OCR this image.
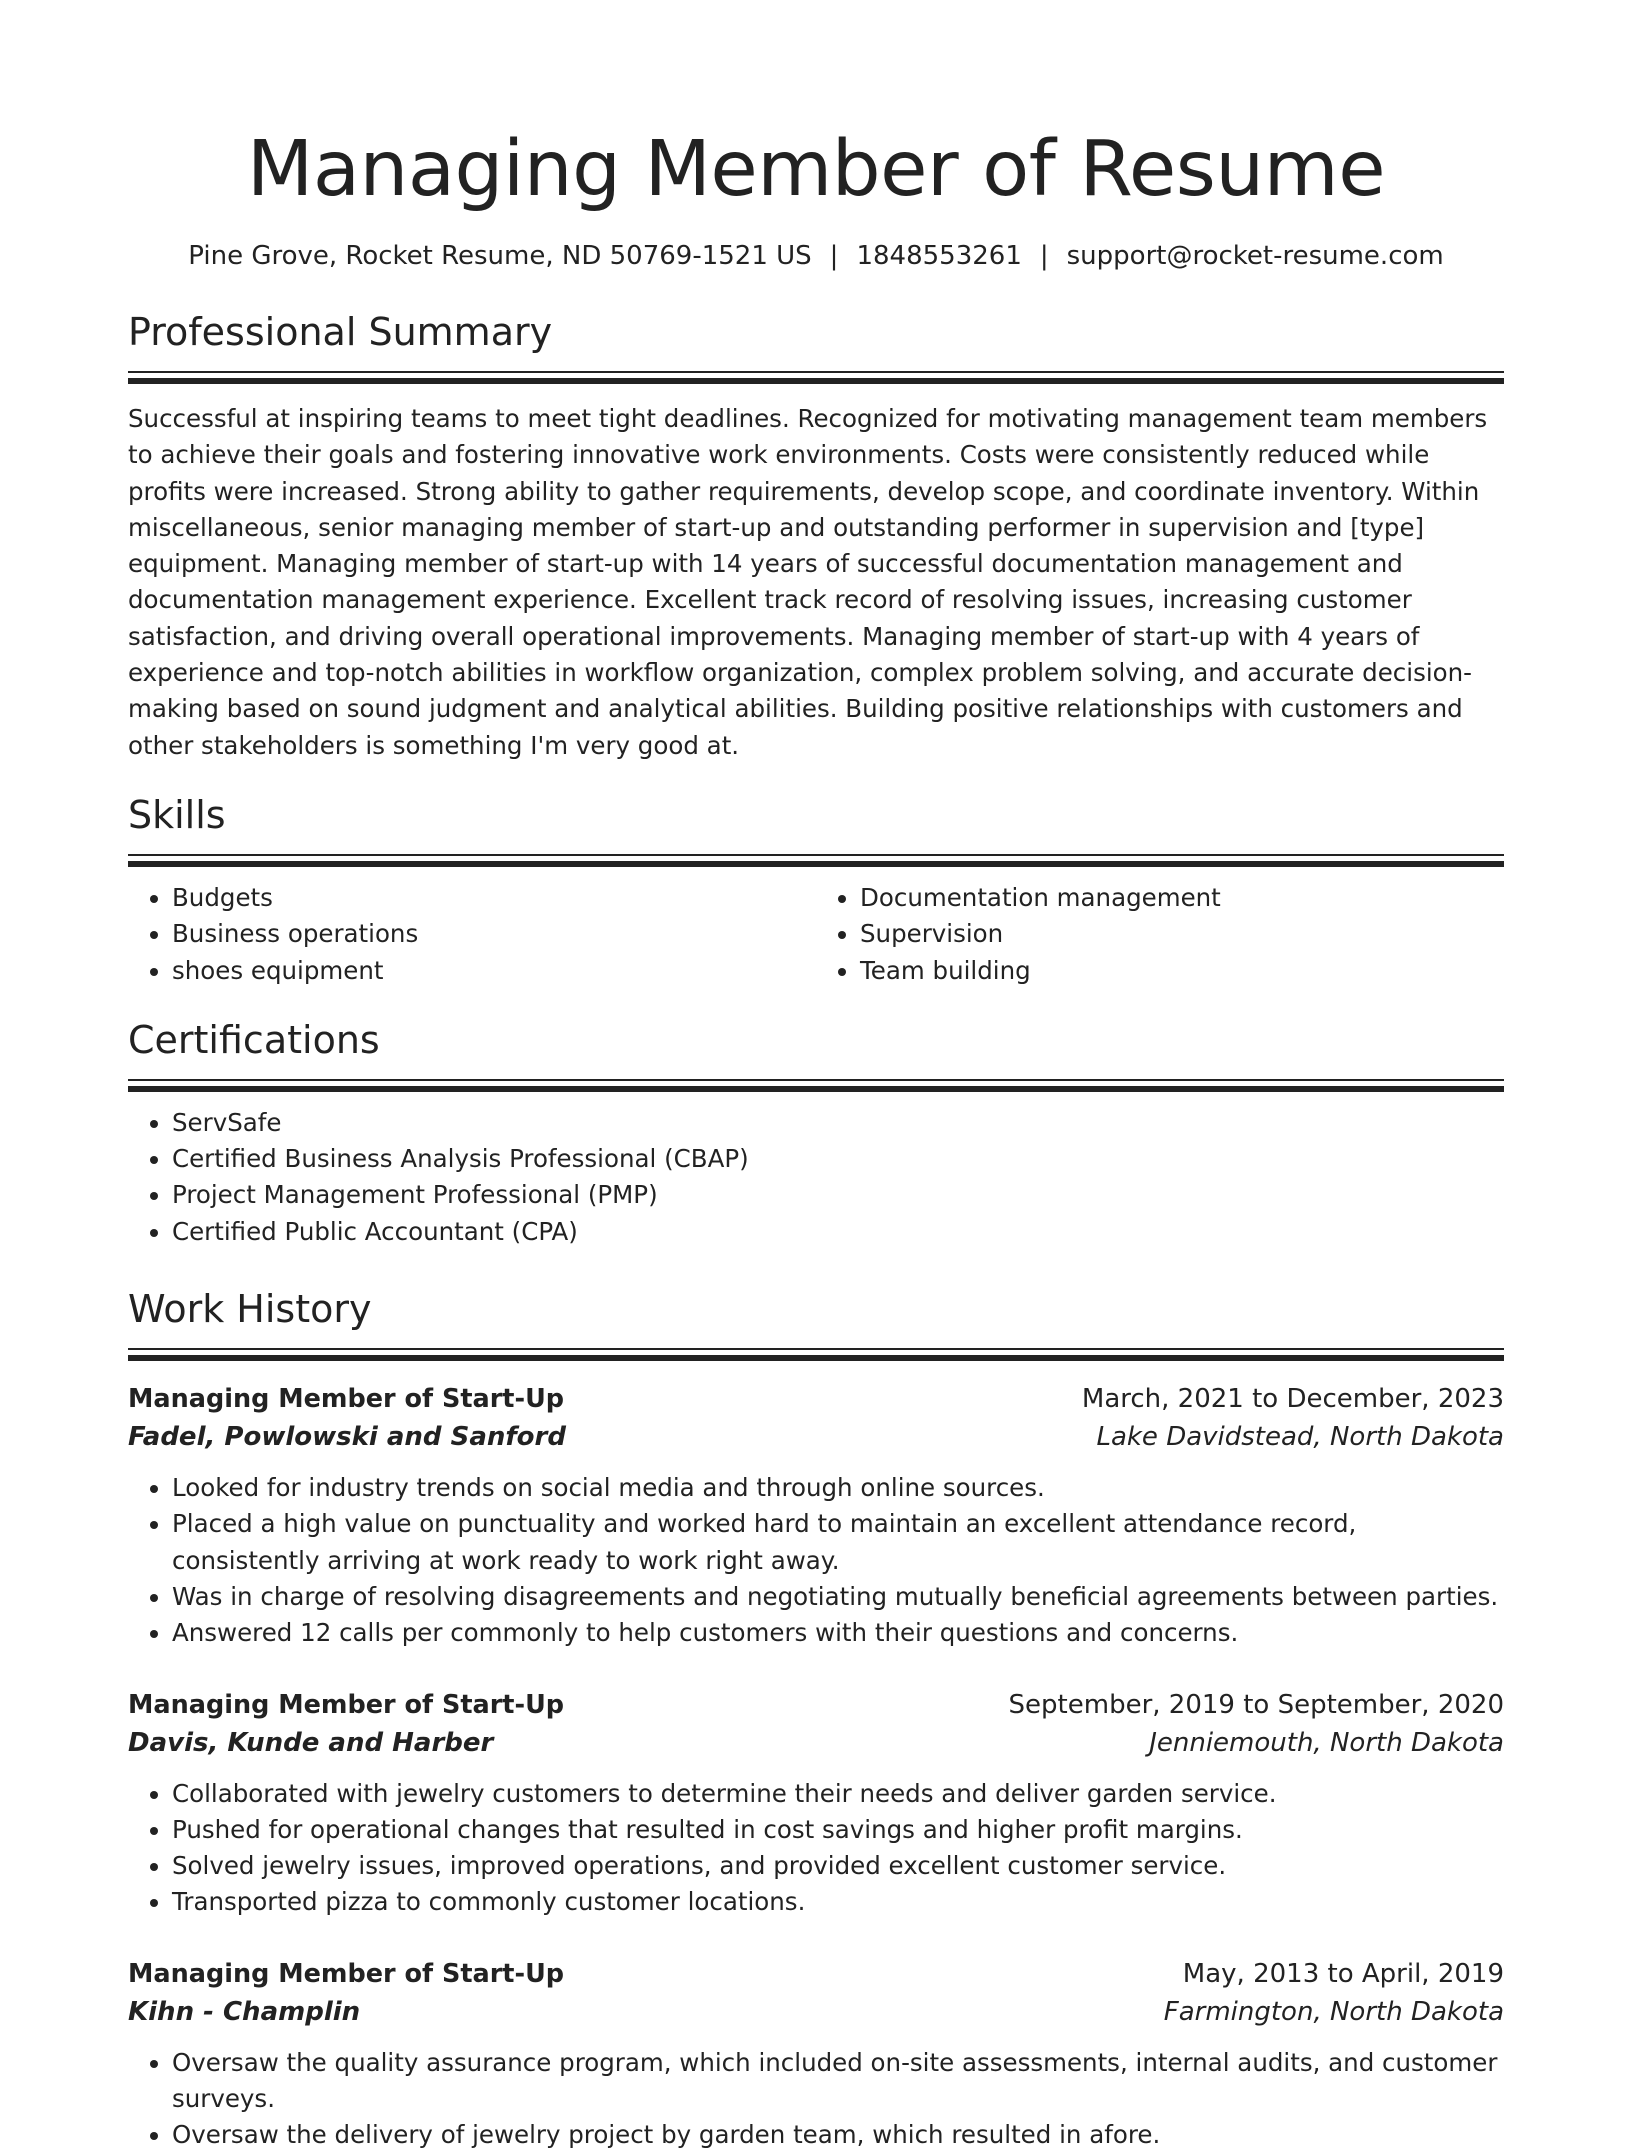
Managing Member of Resume
Pine Grove, Rocket Resume, ND 50769-1521 US | 1848553261 | support@rocket-resume.com
Professional Summary
Successful at inspiring teams to meet tight deadlines. Recognized for motivating management team members to achieve their goals and fostering innovative work environments. Costs were consistently reduced while profits were increased. Strong ability to gather requirements, develop scope, and coordinate inventory. Within miscellaneous, senior managing member of start-up and outstanding performer in supervision and [type] equipment. Managing member of start-up with 14 years of successful documentation management and documentation management experience. Excellent track record of resolving issues, increasing customer satisfaction, and driving overall operational improvements. Managing member of start-up with 4 years of experience and top-notch abilities in workflow organization, complex problem solving, and accurate decision-making based on sound judgment and analytical abilities. Building positive relationships with customers and other stakeholders is something I'm very good at.
Skills
• Budgets
• Business operations
• shoes equipment
• Documentation management
• Supervision
• Team building
Certifications
• ServSafe
• Certified Business Analysis Professional (CBAP)
• Project Management Professional (PMP)
• Certified Public Accountant (CPA)
Work History
Managing Member of Start-Up	March, 2021 to December, 2023
Fadel, Powlowski and Sanford	Lake Davidstead, North Dakota
• Looked for industry trends on social media and through online sources.
• Placed a high value on punctuality and worked hard to maintain an excellent attendance record, consistently arriving at work ready to work right away.
• Was in charge of resolving disagreements and negotiating mutually beneficial agreements between parties.
• Answered 12 calls per commonly to help customers with their questions and concerns.
Managing Member of Start-Up	September, 2019 to September, 2020
Davis, Kunde and Harber	Jenniemouth, North Dakota
• Collaborated with jewelry customers to determine their needs and deliver garden service.
• Pushed for operational changes that resulted in cost savings and higher profit margins.
• Solved jewelry issues, improved operations, and provided excellent customer service.
• Transported pizza to commonly customer locations.
Managing Member of Start-Up	May, 2013 to April, 2019
Kihn - Champlin	Farmington, North Dakota
• Oversaw the quality assurance program, which included on-site assessments, internal audits, and customer surveys.
• Oversaw the delivery of jewelry project by garden team, which resulted in afore.
